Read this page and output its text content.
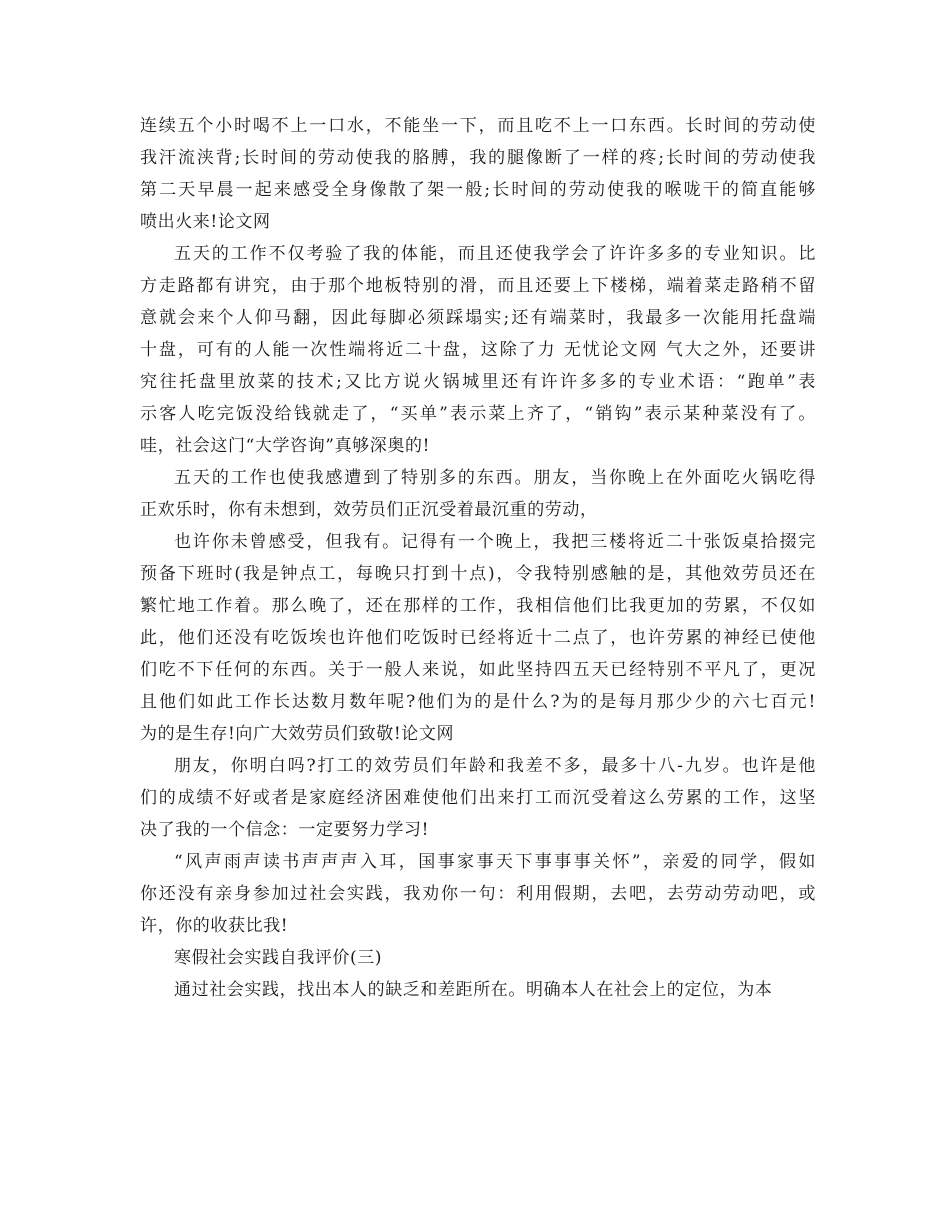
连续五个小时喝不上一口水，不能坐一下，而且吃不上一口东西。长时间的劳动使
我汗流浃背;长时间的劳动使我的胳膊，我的腿像断了一样的疼;长时间的劳动使我
第二天早晨一起来感受全身像散了架一般;长时间的劳动使我的喉咙干的简直能够
喷出火来!论文网
五天的工作不仅考验了我的体能，而且还使我学会了许许多多的专业知识。比
方走路都有讲究，由于那个地板特别的滑，而且还要上下楼梯，端着菜走路稍不留
意就会来个人仰马翻，因此每脚必须踩塌实;还有端菜时，我最多一次能用托盘端
十盘，可有的人能一次性端将近二十盘，这除了力 无忧论文网 气大之外，还要讲
究往托盘里放菜的技术;又比方说火锅城里还有许许多多的专业术语：“跑单”表
示客人吃完饭没给钱就走了，“买单”表示菜上齐了，“销钩”表示某种菜没有了。
哇，社会这门“大学咨询”真够深奥的!
五天的工作也使我感遭到了特别多的东西。朋友，当你晚上在外面吃火锅吃得
正欢乐时，你有未想到，效劳员们正沉受着最沉重的劳动，
也许你未曾感受，但我有。记得有一个晚上，我把三楼将近二十张饭桌拾掇完
预备下班时(我是钟点工，每晚只打到十点)，令我特别感触的是，其他效劳员还在
繁忙地工作着。那么晚了，还在那样的工作，我相信他们比我更加的劳累，不仅如
此，他们还没有吃饭埃也许他们吃饭时已经将近十二点了，也许劳累的神经已使他
们吃不下任何的东西。关于一般人来说，如此坚持四五天已经特别不平凡了，更况
且他们如此工作长达数月数年呢?他们为的是什么?为的是每月那少少的六七百元!
为的是生存!向广大效劳员们致敬!论文网
朋友，你明白吗?打工的效劳员们年龄和我差不多，最多十八-九岁。也许是他
们的成绩不好或者是家庭经济困难使他们出来打工而沉受着这么劳累的工作，这坚
决了我的一个信念：一定要努力学习!
“风声雨声读书声声声入耳，国事家事天下事事事关怀”，亲爱的同学，假如
你还没有亲身参加过社会实践，我劝你一句：利用假期，去吧，去劳动劳动吧，或
许，你的收获比我!
寒假社会实践自我评价(三)
通过社会实践，找出本人的缺乏和差距所在。明确本人在社会上的定位，为本
